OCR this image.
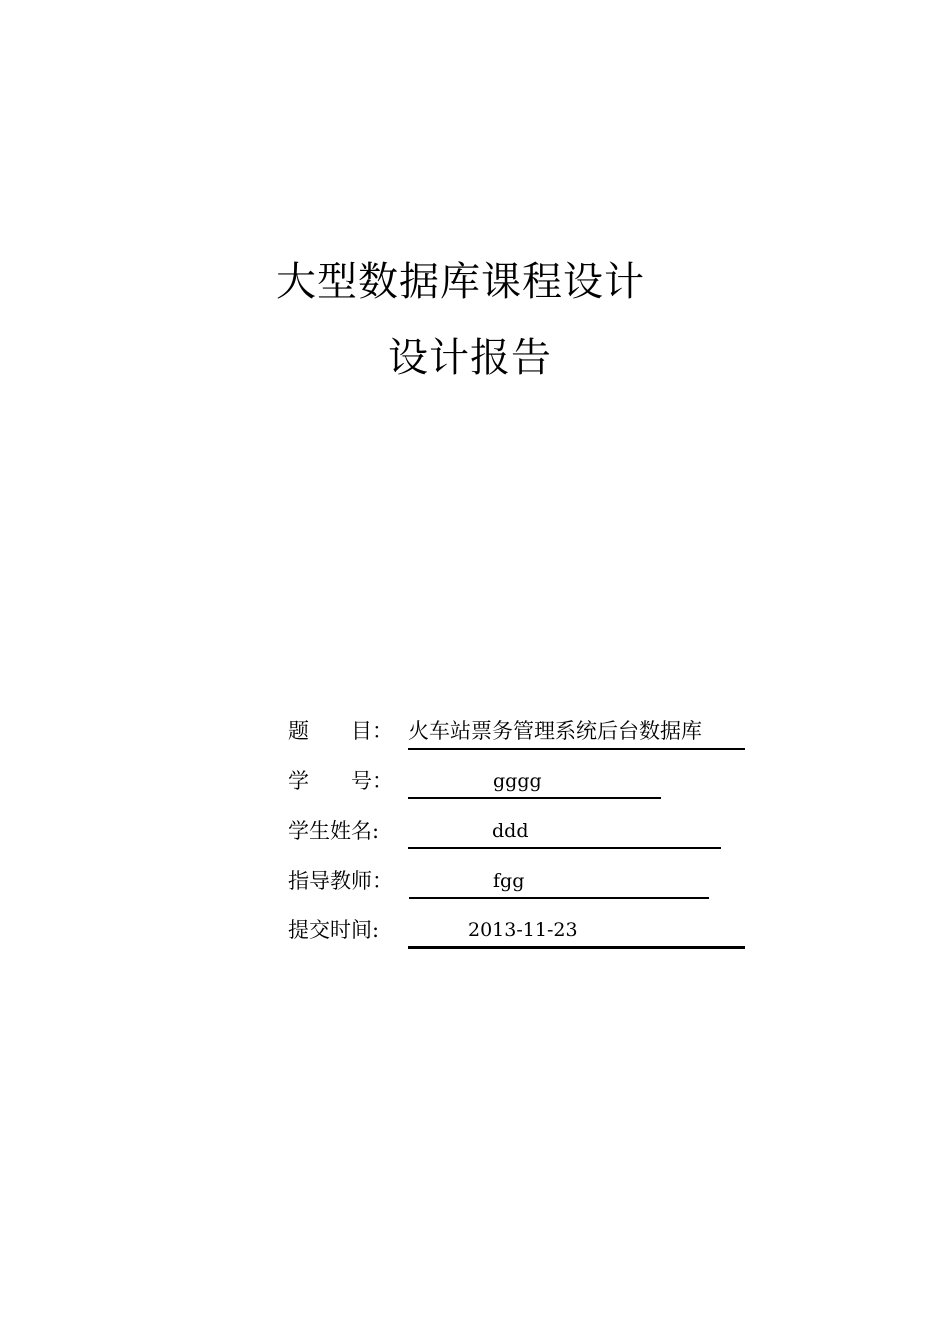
大型数据库课程设计
设计报告
题　　目： 火车站票务管理系统后台数据库
学　　号：	gggg
学生姓名:	ddd
指导教师：	fgg
提交时间:	2013-11-23
